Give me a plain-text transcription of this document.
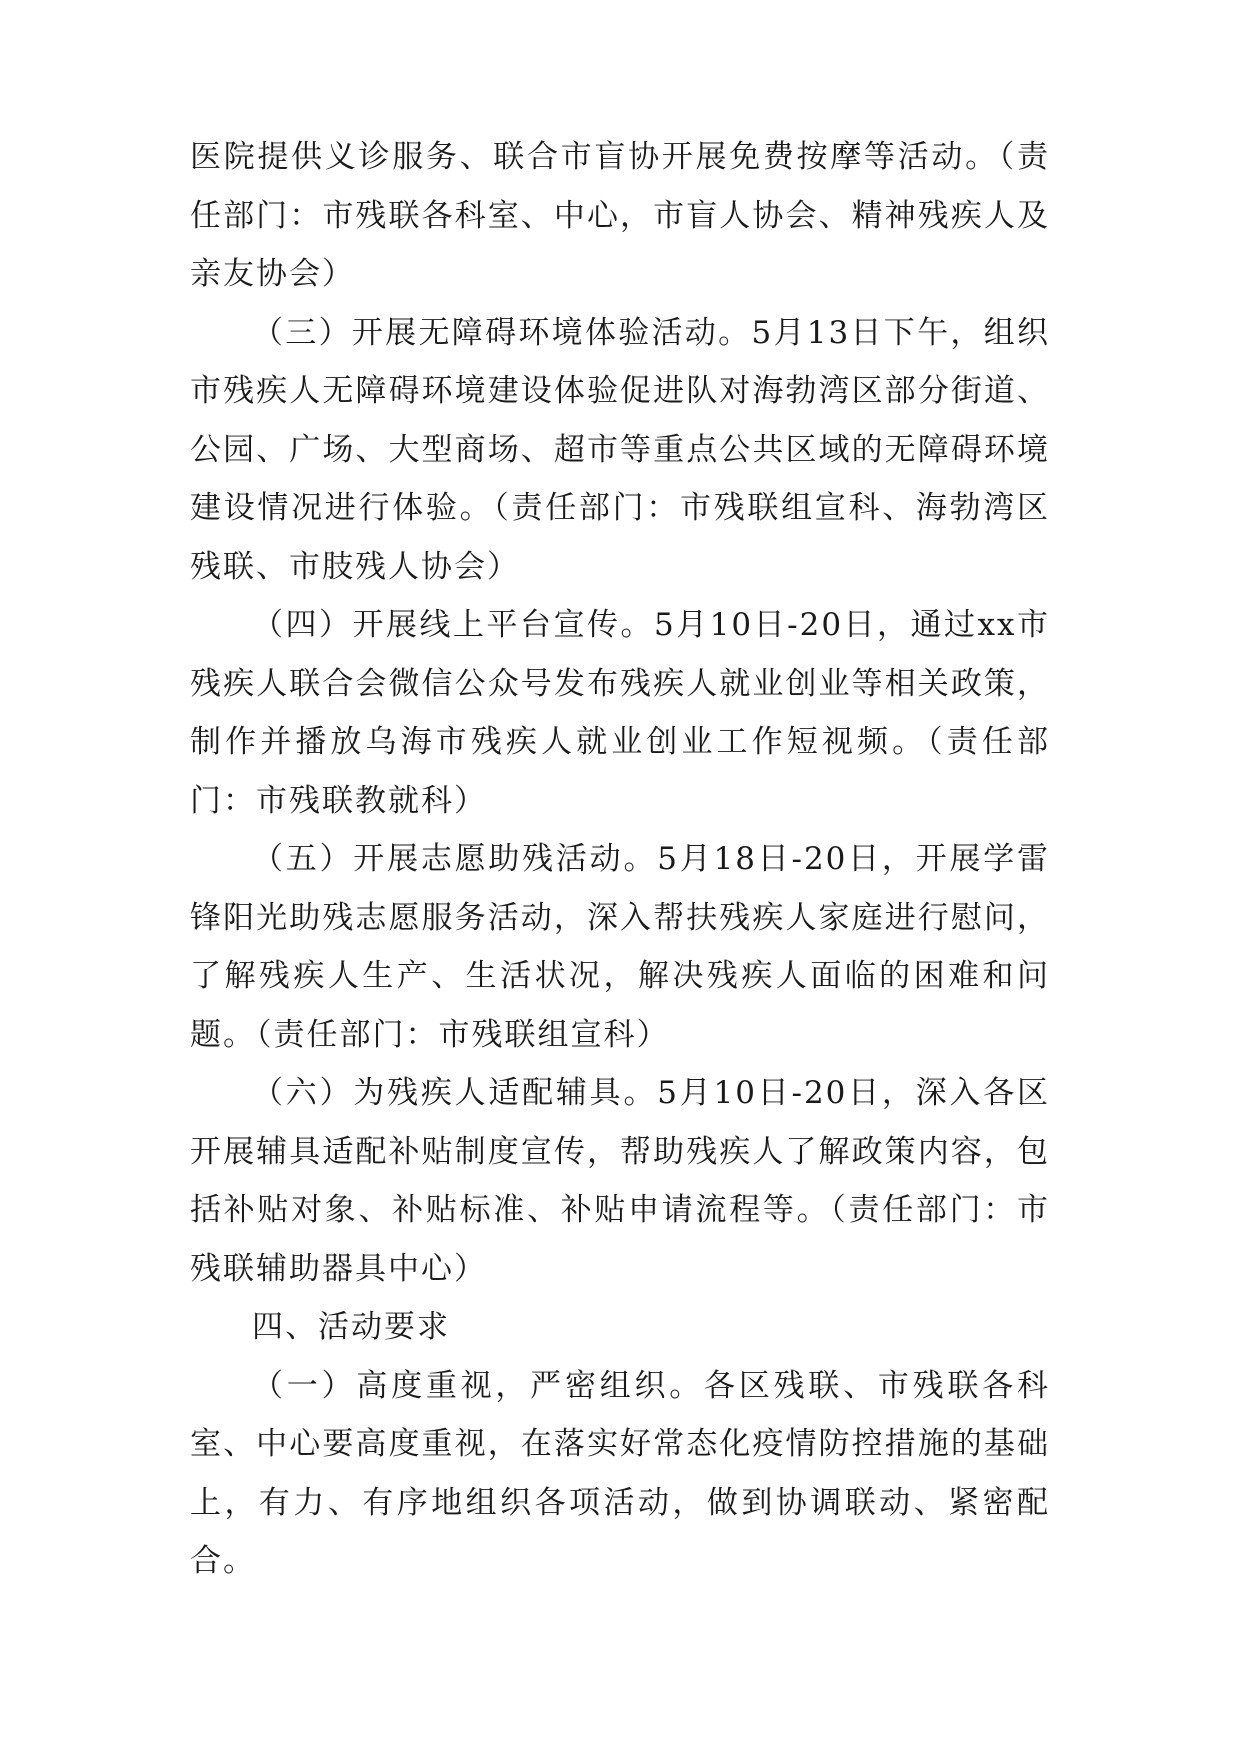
医院提供义诊服务、联合市盲协开展免费按摩等活动。（责任部门：市残联各科室、中心，市盲人协会、精神残疾人及亲友协会）

（三）开展无障碍环境体验活动。5月13日下午，组织市残疾人无障碍环境建设体验促进队对海勃湾区部分街道、公园、广场、大型商场、超市等重点公共区域的无障碍环境建设情况进行体验。（责任部门：市残联组宣科、海勃湾区残联、市肢残人协会）

（四）开展线上平台宣传。5月10日-20日，通过xx市残疾人联合会微信公众号发布残疾人就业创业等相关政策，制作并播放乌海市残疾人就业创业工作短视频。（责任部门：市残联教就科）

（五）开展志愿助残活动。5月18日-20日，开展学雷锋阳光助残志愿服务活动，深入帮扶残疾人家庭进行慰问，了解残疾人生产、生活状况，解决残疾人面临的困难和问题。（责任部门：市残联组宣科）

（六）为残疾人适配辅具。5月10日-20日，深入各区开展辅具适配补贴制度宣传，帮助残疾人了解政策内容，包括补贴对象、补贴标准、补贴申请流程等。（责任部门：市残联辅助器具中心）

四、活动要求

（一）高度重视，严密组织。各区残联、市残联各科室、中心要高度重视，在落实好常态化疫情防控措施的基础上，有力、有序地组织各项活动，做到协调联动、紧密配合。
